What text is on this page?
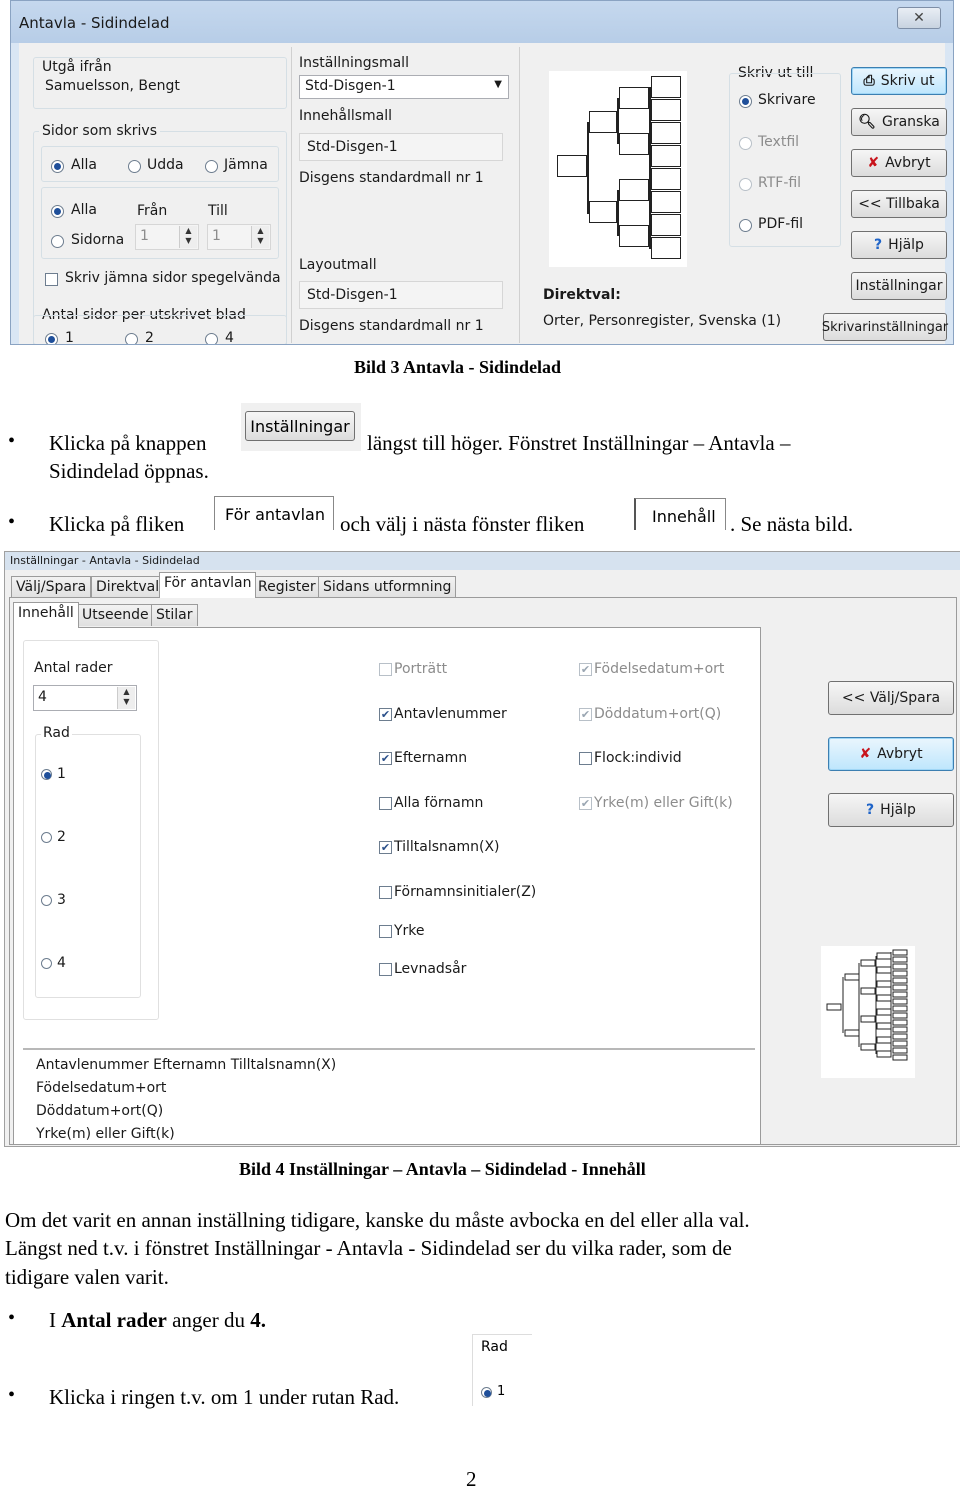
Antavla - Sidindelad	✕
Utgå ifrån
Samuelsson, Bengt
Sidor som skrivs
Alla	Udda	Jämna
Alla
Sidorna
Från	Till
1	▲
▼	1	▲
▼
Skriv jämna sidor spegelvända
Antal sidor per utskrivet blad
1	2	4
Inställningsmall
Std-Disgen-1	▼
Innehållsmall
Std-Disgen-1
Disgens standardmall nr 1
Layoutmall
Std-Disgen-1
Disgens standardmall nr 1
Direktval:
Orter, Personregister, Svenska (1)
Skriv ut till
Skrivare
Textfil
RTF-fil
PDF-fil
⎙ Skriv ut
🔍︎ Granska
✘ Avbryt
<< Tillbaka
? Hjälp
Inställningar
Skrivarinställningar
Bild 3 Antavla - Sidindelad
• Klicka på knappen
Inställningar
längst till höger. Fönstret Inställningar – Antavla –
Sidindelad öppnas.
• Klicka på fliken	För antavlan och välj i nästa fönster fliken	Innehåll . Se nästa bild.
Inställningar - Antavla - Sidindelad
Välj/Spara Direktval För antavlan Register Sidans utformning
Innehåll Utseende Stilar
Antal rader
4	▲
▼
Rad
1
2
3
4
Porträtt
✔ Antavlenummer
✔ Efternamn
Alla förnamn
✔ Tilltalsnamn(X)
Förnamnsinitialer(Z)
Yrke
Levnadsår
✔ Födelsedatum+ort
✔ Döddatum+ort(Q)
Flock:individ
✔ Yrke(m) eller Gift(k)
Antavlenummer Efternamn Tilltalsnamn(X)
Födelsedatum+ort
Döddatum+ort(Q)
Yrke(m) eller Gift(k)
<< Välj/Spara
✘ Avbryt
? Hjälp
Bild 4 Inställningar – Antavla – Sidindelad - Innehåll
Om det varit en annan inställning tidigare, kanske du måste avbocka en del eller alla val.
Längst ned t.v. i fönstret Inställningar - Antavla - Sidindelad ser du vilka rader, som de
tidigare valen varit.
• I Antal rader anger du 4.
Rad
1
• Klicka i ringen t.v. om 1 under rutan Rad.
2
